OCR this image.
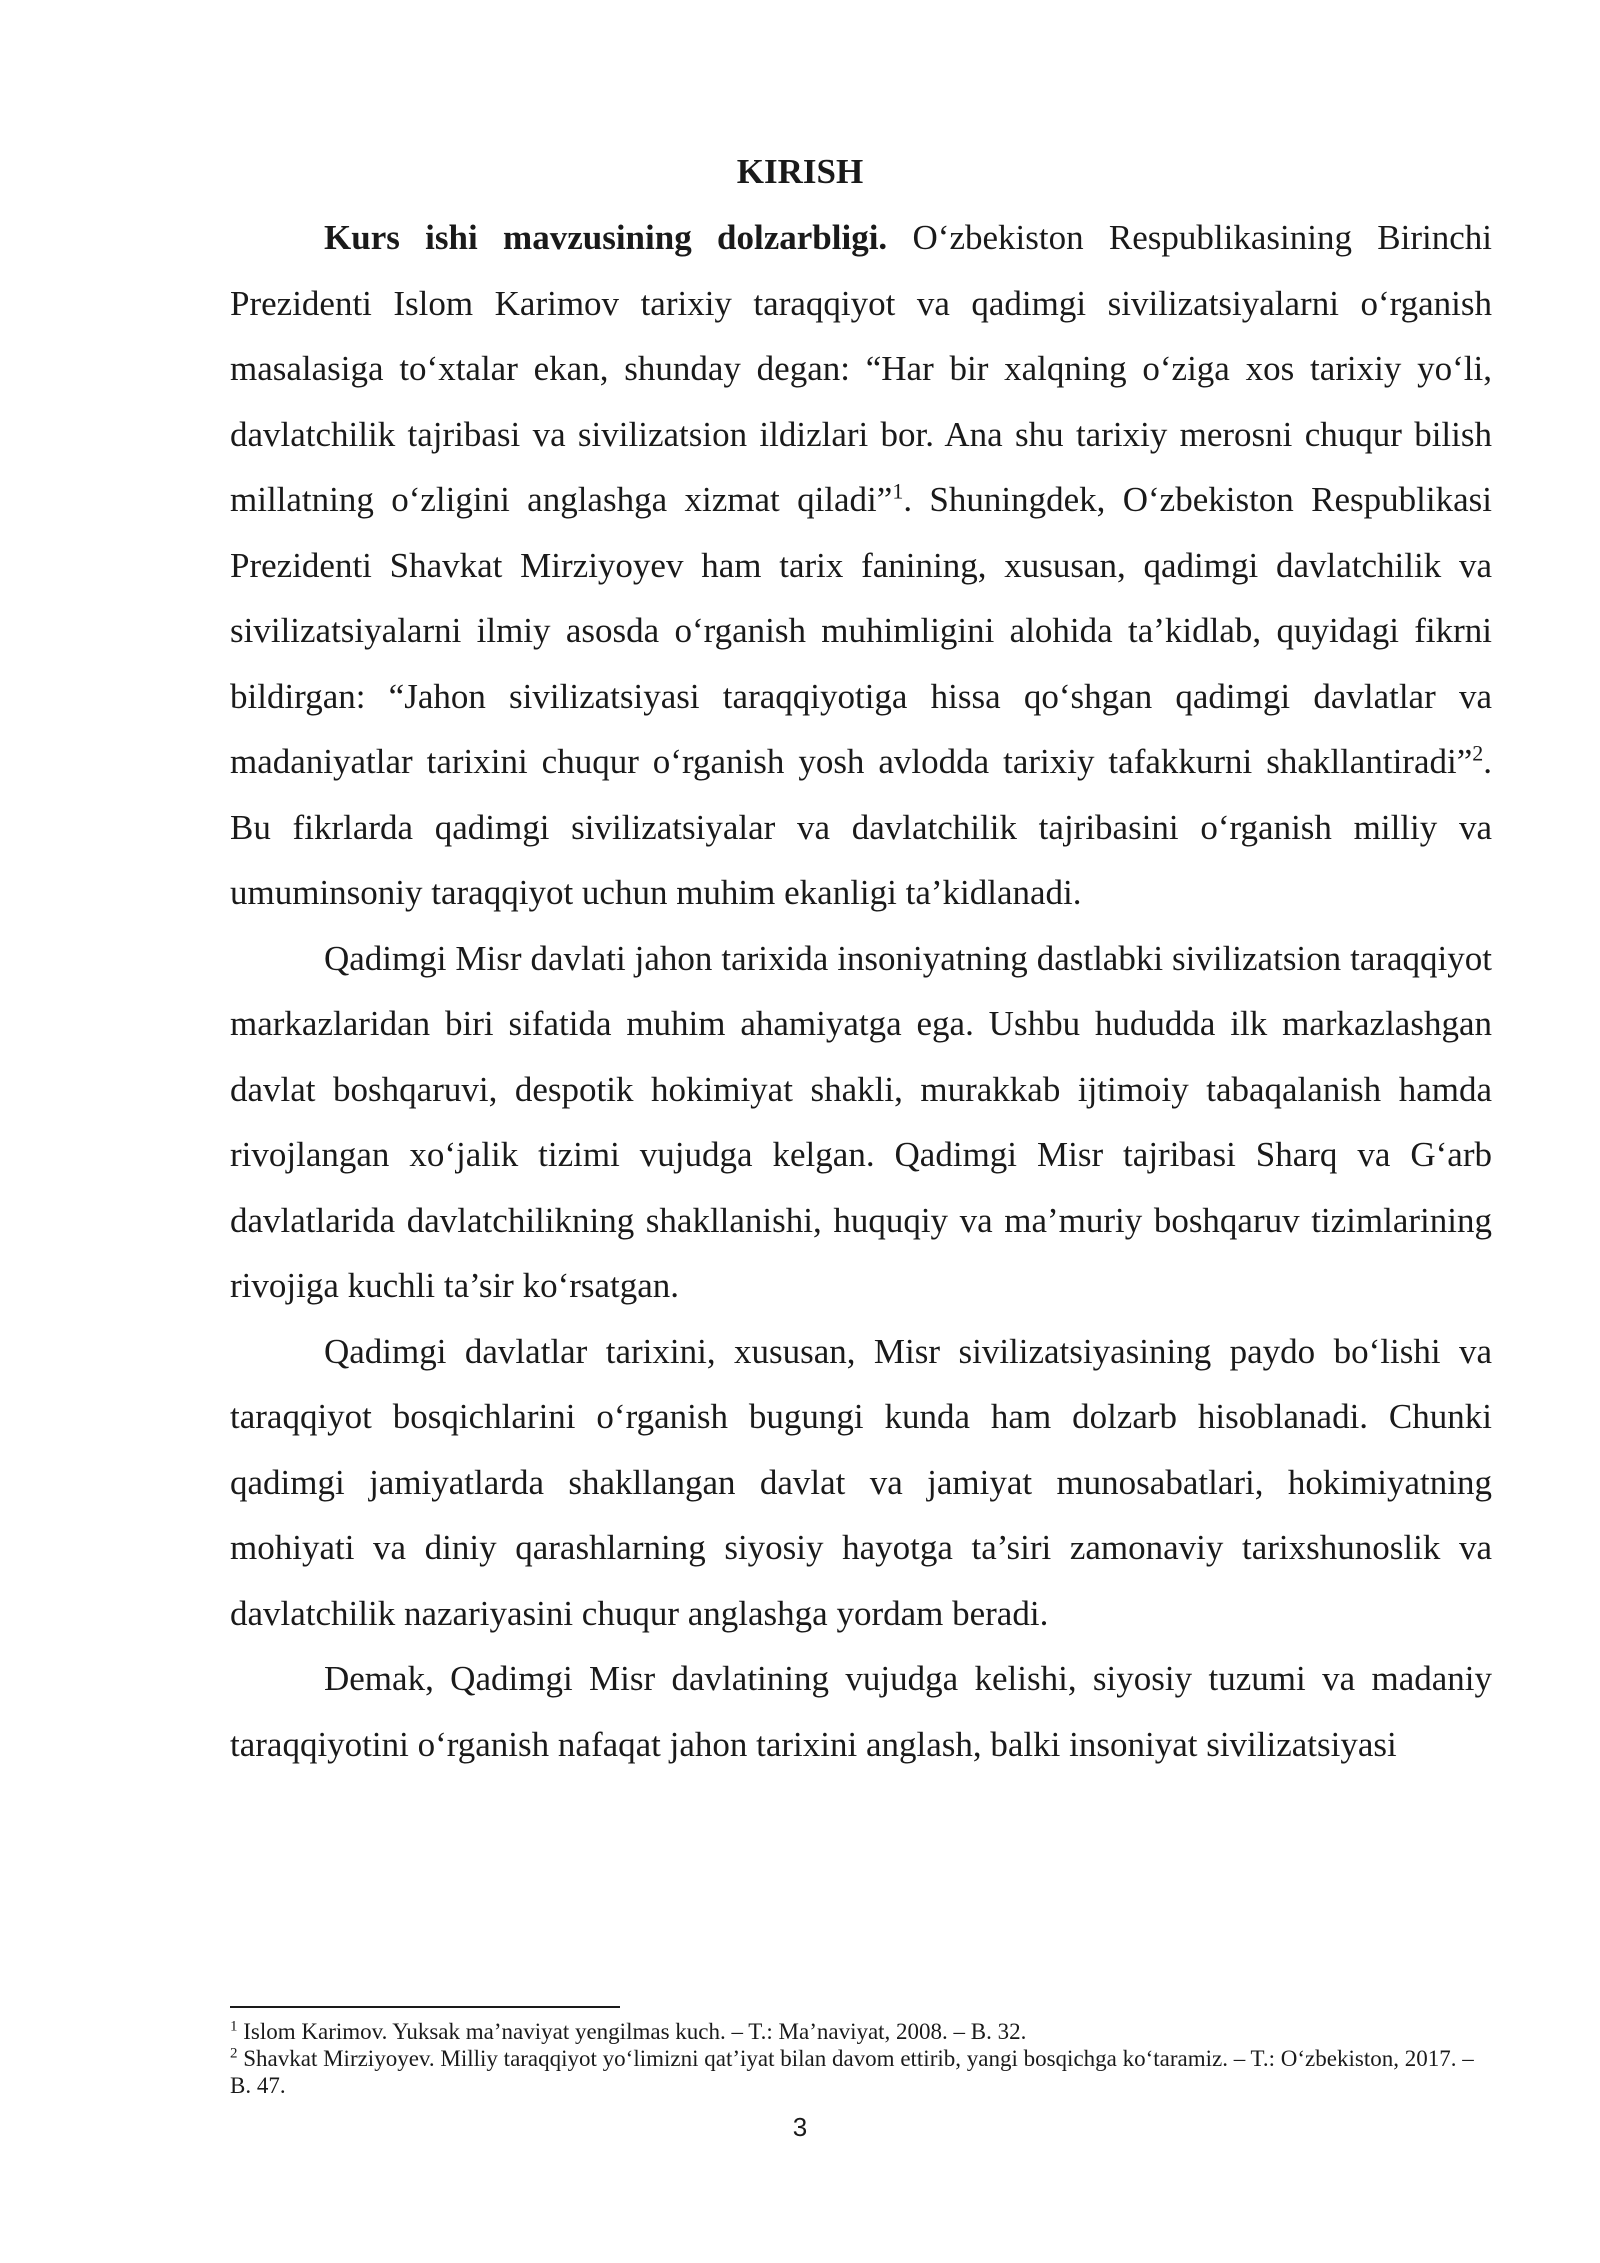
KIRISH

Kurs ishi mavzusining dolzarbligi. O‘zbekiston Respublikasining Birinchi Prezidenti Islom Karimov tarixiy taraqqiyot va qadimgi sivilizatsiyalarni o‘rganish masalasiga to‘xtalar ekan, shunday degan: “Har bir xalqning o‘ziga xos tarixiy yo‘li, davlatchilik tajribasi va sivilizatsion ildizlari bor. Ana shu tarixiy merosni chuqur bilish millatning o‘zligini anglashga xizmat qiladi”$^1$. Shuningdek, O‘zbekiston Respublikasi Prezidenti Shavkat Mirziyoyev ham tarix fanining, xususan, qadimgi davlatchilik va sivilizatsiyalarni ilmiy asosda o‘rganish muhimligini alohida ta’kidlab, quyidagi fikrni bildirgan: “Jahon sivilizatsiyasi taraqqiyotiga hissa qo‘shgan qadimgi davlatlar va madaniyatlar tarixini chuqur o‘rganish yosh avlodda tarixiy tafakkurni shakllantiradi”$^2$. Bu fikrlarda qadimgi sivilizatsiyalar va davlatchilik tajribasini o‘rganish milliy va umuminsoniy taraqqiyot uchun muhim ekanligi ta’kidlanadi.

Qadimgi Misr davlati jahon tarixida insoniyatning dastlabki sivilizatsion taraqqiyot markazlaridan biri sifatida muhim ahamiyatga ega. Ushbu hududda ilk markazlashgan davlat boshqaruvi, despotik hokimiyat shakli, murakkab ijtimoiy tabaqalanish hamda rivojlangan xo‘jalik tizimi vujudga kelgan. Qadimgi Misr tajribasi Sharq va G‘arb davlatlarida davlatchilikning shakllanishi, huquqiy va ma’muriy boshqaruv tizimlarining rivojiga kuchli ta’sir ko‘rsatgan.

Qadimgi davlatlar tarixini, xususan, Misr sivilizatsiyasining paydo bo‘lishi va taraqqiyot bosqichlarini o‘rganish bugungi kunda ham dolzarb hisoblanadi. Chunki qadimgi jamiyatlarda shakllangan davlat va jamiyat munosabatlari, hokimiyatning mohiyati va diniy qarashlarning siyosiy hayotga ta’siri zamonaviy tarixshunoslik va davlatchilik nazariyasini chuqur anglashga yordam beradi.

Demak, Qadimgi Misr davlatining vujudga kelishi, siyosiy tuzumi va madaniy taraqqiyotini o‘rganish nafaqat jahon tarixini anglash, balki insoniyat sivilizatsiyasi

$^1$ Islom Karimov. Yuksak ma’naviyat yengilmas kuch. – T.: Ma’naviyat, 2008. – B. 32.

$^2$ Shavkat Mirziyoyev. Milliy taraqqiyot yo‘limizni qat’iyat bilan davom ettirib, yangi bosqichga ko‘taramiz. – T.: O‘zbekiston, 2017. – B. 47.

3
